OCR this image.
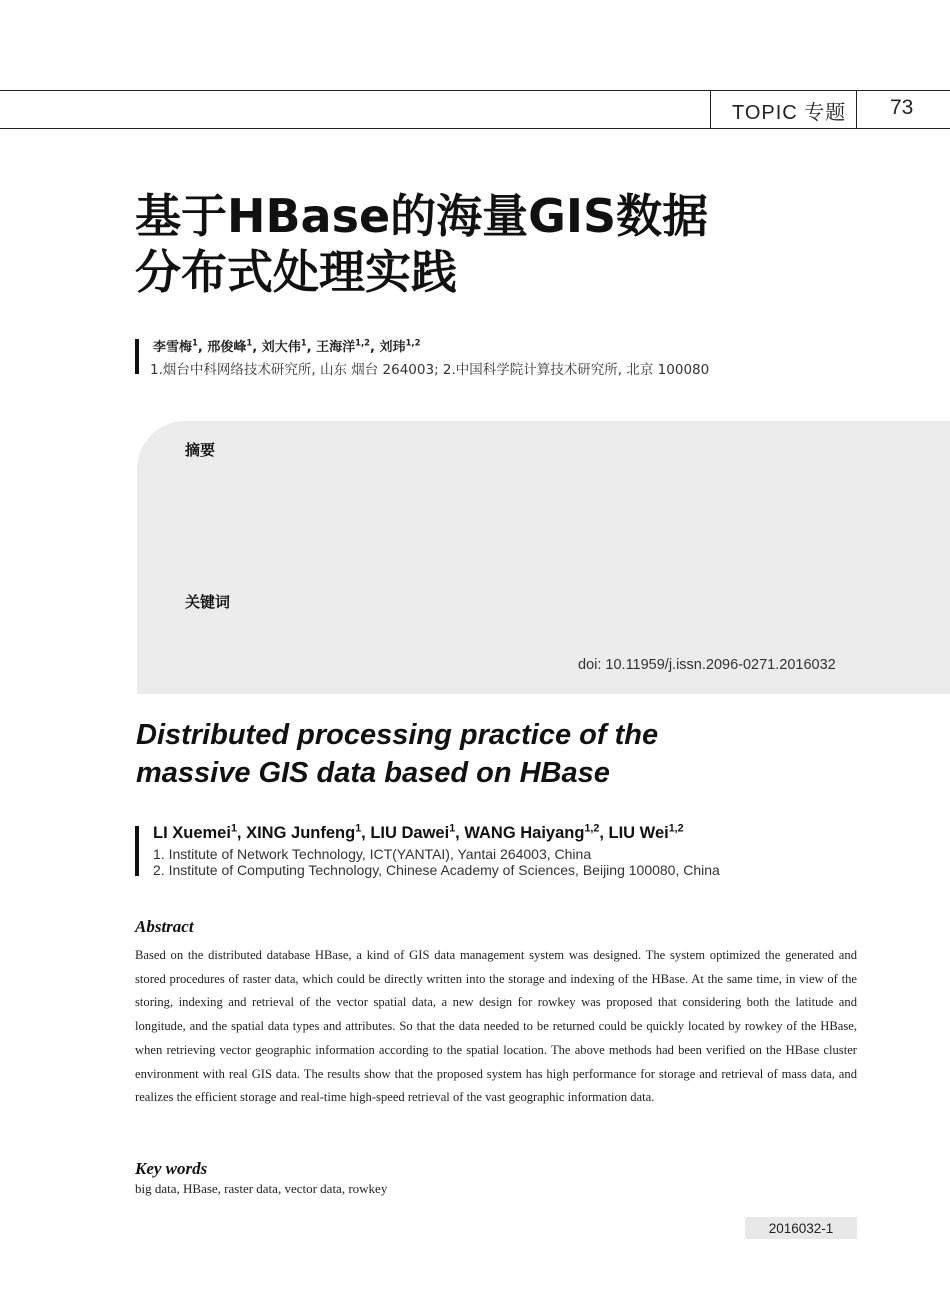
TOPIC 专题 73
基于HBase的海量GIS数据
分布式处理实践
李雪梅$^1$, 邢俊峰$^1$, 刘大伟$^1$, 王海洋$^{1,2}$, 刘玮$^{1,2}$
1.烟台中科网络技术研究所, 山东 烟台 264003; 2.中国科学院计算技术研究所, 北京 100080
摘要
关键词
doi: 10.11959/j.issn.2096-0271.2016032
Distributed processing practice of the
massive GIS data based on HBase
LI Xuemei$^1$, XING Junfeng$^1$, LIU Dawei$^1$, WANG Haiyang$^{1,2}$, LIU Wei$^{1,2}$
1. Institute of Network Technology, ICT(YANTAI), Yantai 264003, China
2. Institute of Computing Technology, Chinese Academy of Sciences, Beijing 100080, China
Abstract
Based on the distributed database HBase, a kind of GIS data management system was designed. The system optimized the generated and stored procedures of raster data, which could be directly written into the storage and indexing of the HBase. At the same time, in view of the storing, indexing and retrieval of the vector spatial data, a new design for rowkey was proposed that considering both the latitude and longitude, and the spatial data types and attributes. So that the data needed to be returned could be quickly located by rowkey of the HBase, when retrieving vector geographic information according to the spatial location. The above methods had been verified on the HBase cluster environment with real GIS data. The results show that the proposed system has high performance for storage and retrieval of mass data, and realizes the efficient storage and real-time high-speed retrieval of the vast geographic information data.
Key words
big data, HBase, raster data, vector data, rowkey
2016032-1
